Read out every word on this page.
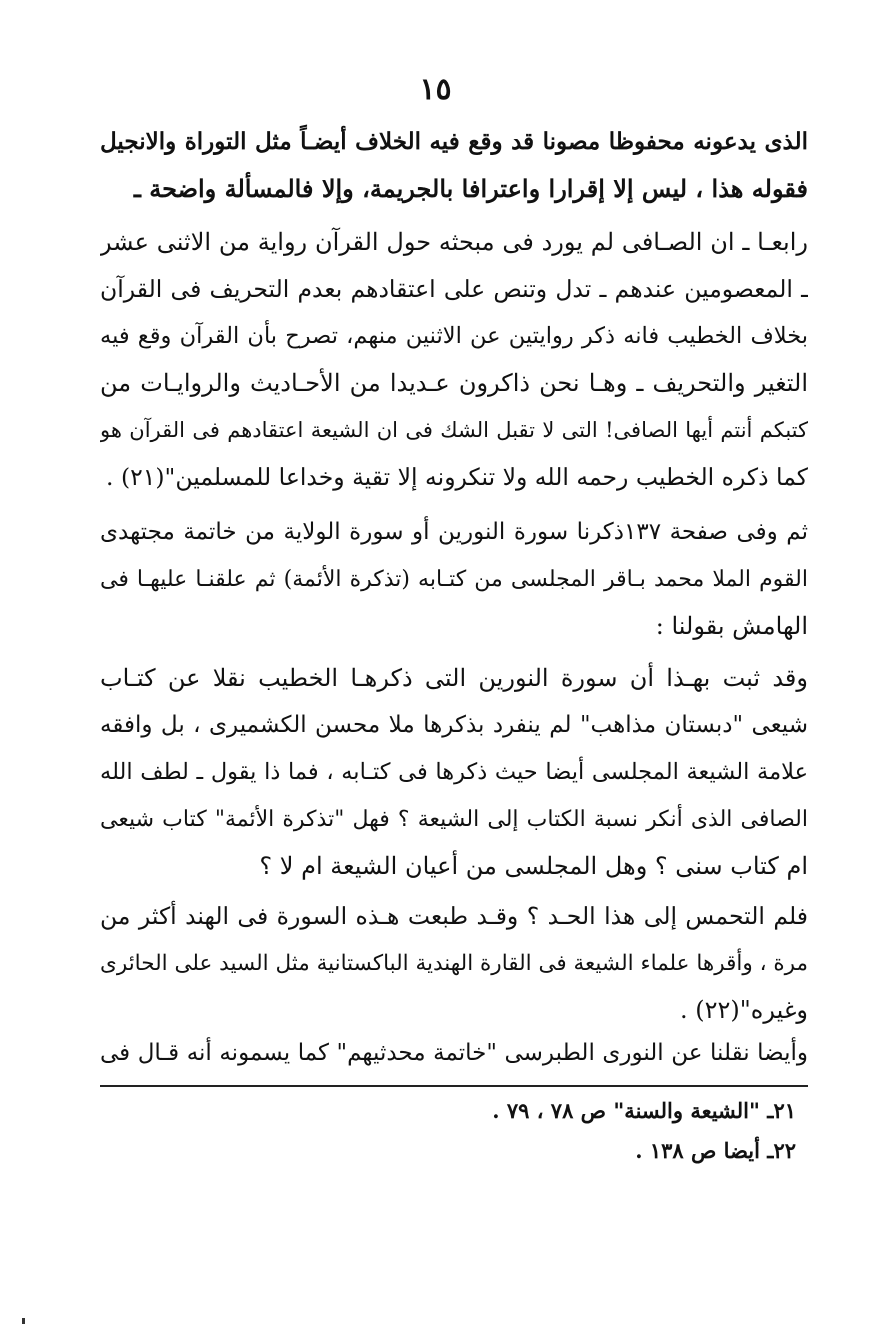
١٥
الذى يدعونه محفوظا مصونا قد وقع فيه الخلاف أيضـاً مثل التوراة والانجيل
فقوله هذا ، ليس إلا إقرارا واعترافا بالجريمة، وإلا فالمسألة واضحة ـ
رابعـا ـ ان الصـافى لم يورد فى مبحثه حول القرآن رواية من الاثنى عشر
ـ المعصومين عندهم ـ تدل وتنص على اعتقادهم بعدم التحريف فى القرآن
بخلاف الخطيب فانه ذكر روايتين عن الاثنين منهم، تصرح بأن القرآن وقع فيه
التغير والتحريف ـ وهـا نحن ذاكرون عـديدا من الأحـاديث والروايـات من
كتبكم أنتم أيها الصافى! التى لا تقبل الشك فى ان الشيعة اعتقادهم فى القرآن هو
كما ذكره الخطيب رحمه الله ولا تنكرونه إلا تقية وخداعا للمسلمين"(٢١) .
ثم وفى صفحة ١٣٧ذكرنا سورة النورين أو سورة الولاية من خاتمة مجتهدى
القوم الملا محمد بـاقر المجلسى من كتـابه (تذكرة الأئمة) ثم علقنـا عليهـا فى
الهامش بقولنا :
وقد ثبت بهـذا أن سورة النورين التى ذكرهـا الخطيب نقلا عن كتـاب
شيعى "دبستان مذاهب" لم ينفرد بذكرها ملا محسن الكشميرى ، بل وافقه
علامة الشيعة المجلسى أيضا حيث ذكرها فى كتـابه ، فما ذا يقول ـ لطف الله
الصافى الذى أنكر نسبة الكتاب إلى الشيعة ؟ فهل "تذكرة الأئمة" كتاب شيعى
ام كتاب سنى ؟ وهل المجلسى من أعيان الشيعة ام لا ؟
فلم التحمس إلى هذا الحـد ؟ وقـد طبعت هـذه السورة فى الهند أكثر من
مرة ، وأقرها علماء الشيعة فى القارة الهندية الباكستانية مثل السيد على الحائرى
وغيره"(٢٢) .
وأيضا نقلنا عن النورى الطبرسى "خاتمة محدثيهم" كما يسمونه أنه قـال فى
٢١ـ "الشيعة والسنة" ص ٧٨ ، ٧٩ .
٢٢ـ أيضا ص ١٣٨ .
